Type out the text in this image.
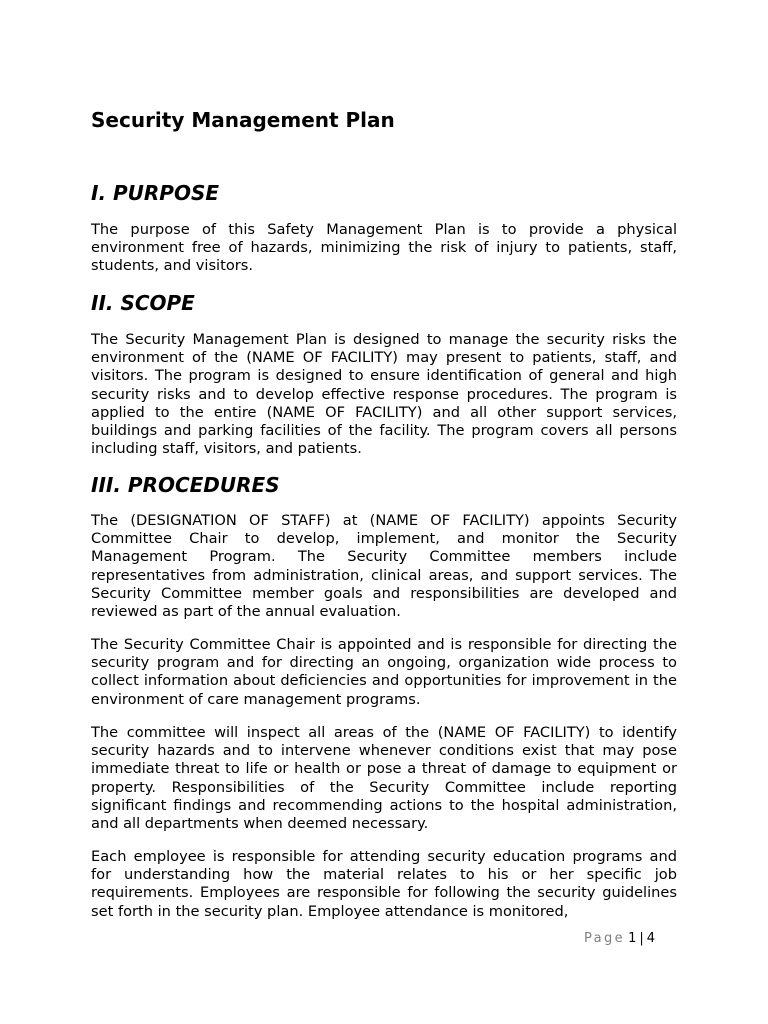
Security Management Plan
I. PURPOSE

The purpose of this Safety Management Plan is to provide a physical environment free of hazards, minimizing the risk of injury to patients, staff, students, and visitors.

II. SCOPE

The Security Management Plan is designed to manage the security risks the environment of the (NAME OF FACILITY) may present to patients, staff, and visitors. The program is designed to ensure identification of general and high security risks and to develop effective response procedures. The program is applied to the entire (NAME OF FACILITY) and all other support services, buildings and parking facilities of the facility. The program covers all persons including staff, visitors, and patients.

III. PROCEDURES

The (DESIGNATION OF STAFF) at (NAME OF FACILITY) appoints Security Committee Chair to develop, implement, and monitor the Security Management Program. The Security Committee members include representatives from administration, clinical areas, and support services. The Security Committee member goals and responsibilities are developed and reviewed as part of the annual evaluation.

The Security Committee Chair is appointed and is responsible for directing the security program and for directing an ongoing, organization wide process to collect information about deficiencies and opportunities for improvement in the environment of care management programs.

The committee will inspect all areas of the (NAME OF FACILITY) to identify security hazards and to intervene whenever conditions exist that may pose immediate threat to life or health or pose a threat of damage to equipment or property. Responsibilities of the Security Committee include reporting significant findings and recommending actions to the hospital administration, and all departments when deemed necessary.

Each employee is responsible for attending security education programs and for understanding how the material relates to his or her specific job requirements. Employees are responsible for following the security guidelines set forth in the security plan. Employee attendance is monitored,

Page 1 | 4
